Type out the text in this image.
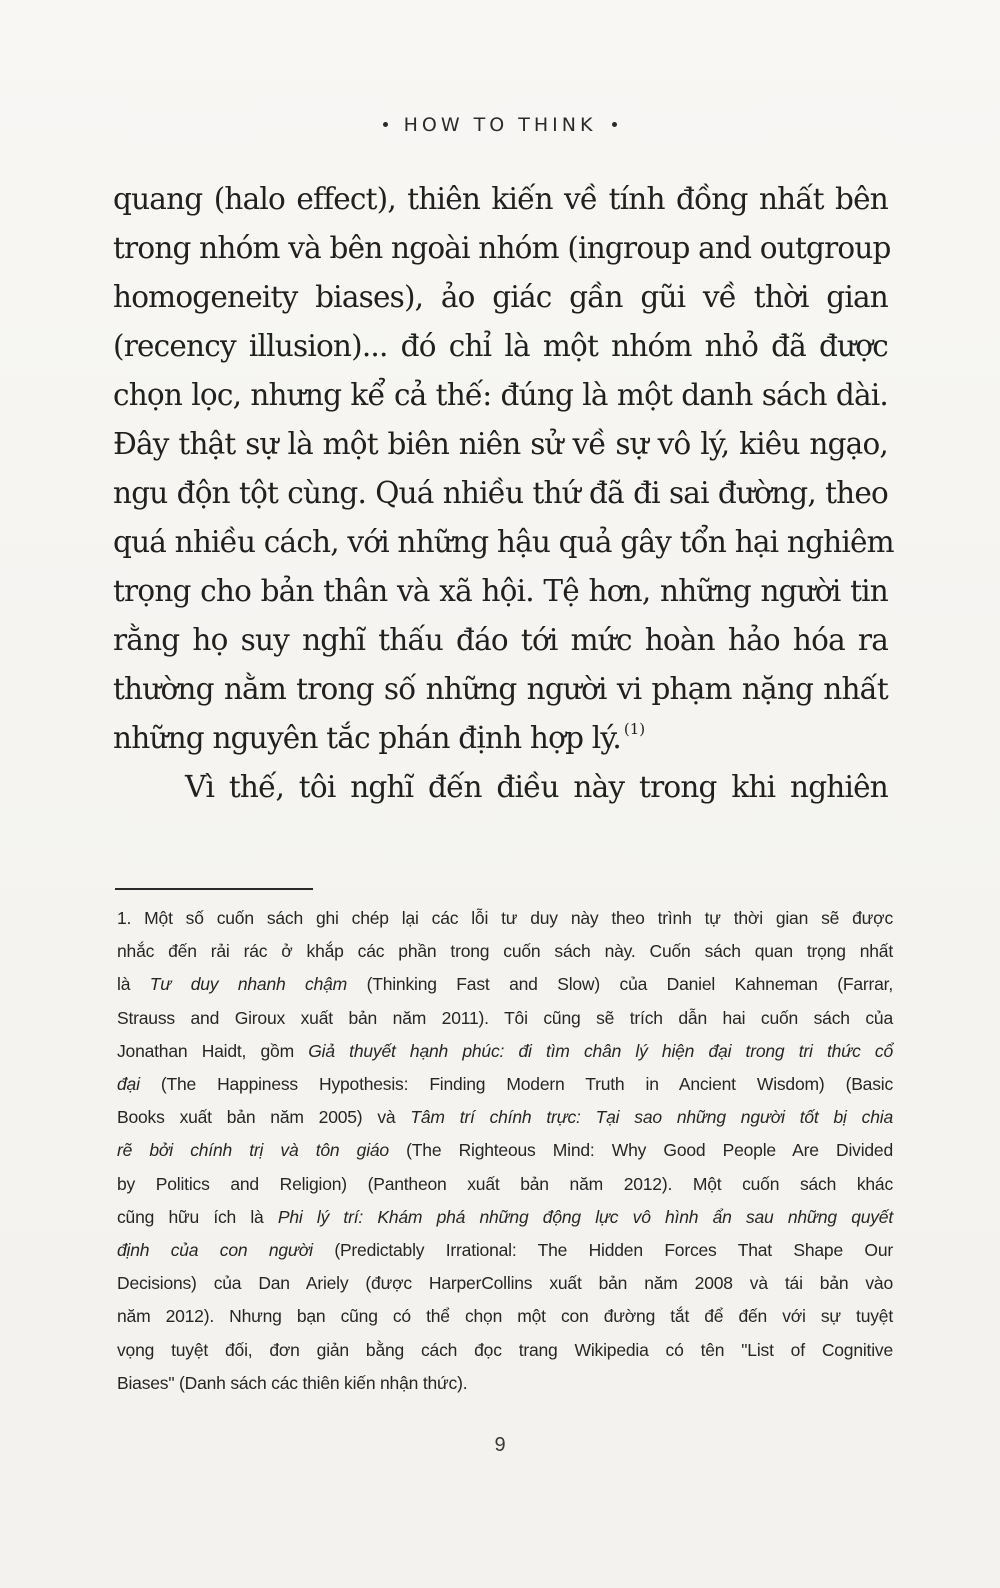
HOW TO THINK
quang (halo effect), thiên kiến về tính đồng nhất bên
trong nhóm và bên ngoài nhóm (ingroup and outgroup
homogeneity biases), ảo giác gần gũi về thời gian
(recency illusion)... đó chỉ là một nhóm nhỏ đã được
chọn lọc, nhưng kể cả thế: đúng là một danh sách dài.
Đây thật sự là một biên niên sử về sự vô lý, kiêu ngạo,
ngu độn tột cùng. Quá nhiều thứ đã đi sai đường, theo
quá nhiều cách, với những hậu quả gây tổn hại nghiêm
trọng cho bản thân và xã hội. Tệ hơn, những người tin
rằng họ suy nghĩ thấu đáo tới mức hoàn hảo hóa ra
thường nằm trong số những người vi phạm nặng nhất
những nguyên tắc phán định hợp lý. $^{(1)}$
Vì thế, tôi nghĩ đến điều này trong khi nghiên
1. Một số cuốn sách ghi chép lại các lỗi tư duy này theo trình tự thời gian sẽ được
nhắc đến rải rác ở khắp các phần trong cuốn sách này. Cuốn sách quan trọng nhất
là Tư duy nhanh chậm (Thinking Fast and Slow) của Daniel Kahneman (Farrar,
Strauss and Giroux xuất bản năm 2011). Tôi cũng sẽ trích dẫn hai cuốn sách của
Jonathan Haidt, gồm Giả thuyết hạnh phúc: đi tìm chân lý hiện đại trong tri thức cổ
đại (The Happiness Hypothesis: Finding Modern Truth in Ancient Wisdom) (Basic
Books xuất bản năm 2005) và Tâm trí chính trực: Tại sao những người tốt bị chia
rẽ bởi chính trị và tôn giáo (The Righteous Mind: Why Good People Are Divided
by Politics and Religion) (Pantheon xuất bản năm 2012). Một cuốn sách khác
cũng hữu ích là Phi lý trí: Khám phá những động lực vô hình ẩn sau những quyết
định của con người (Predictably Irrational: The Hidden Forces That Shape Our
Decisions) của Dan Ariely (được HarperCollins xuất bản năm 2008 và tái bản vào
năm 2012). Nhưng bạn cũng có thể chọn một con đường tắt để đến với sự tuyệt
vọng tuyệt đối, đơn giản bằng cách đọc trang Wikipedia có tên "List of Cognitive
Biases" (Danh sách các thiên kiến nhận thức).
9
